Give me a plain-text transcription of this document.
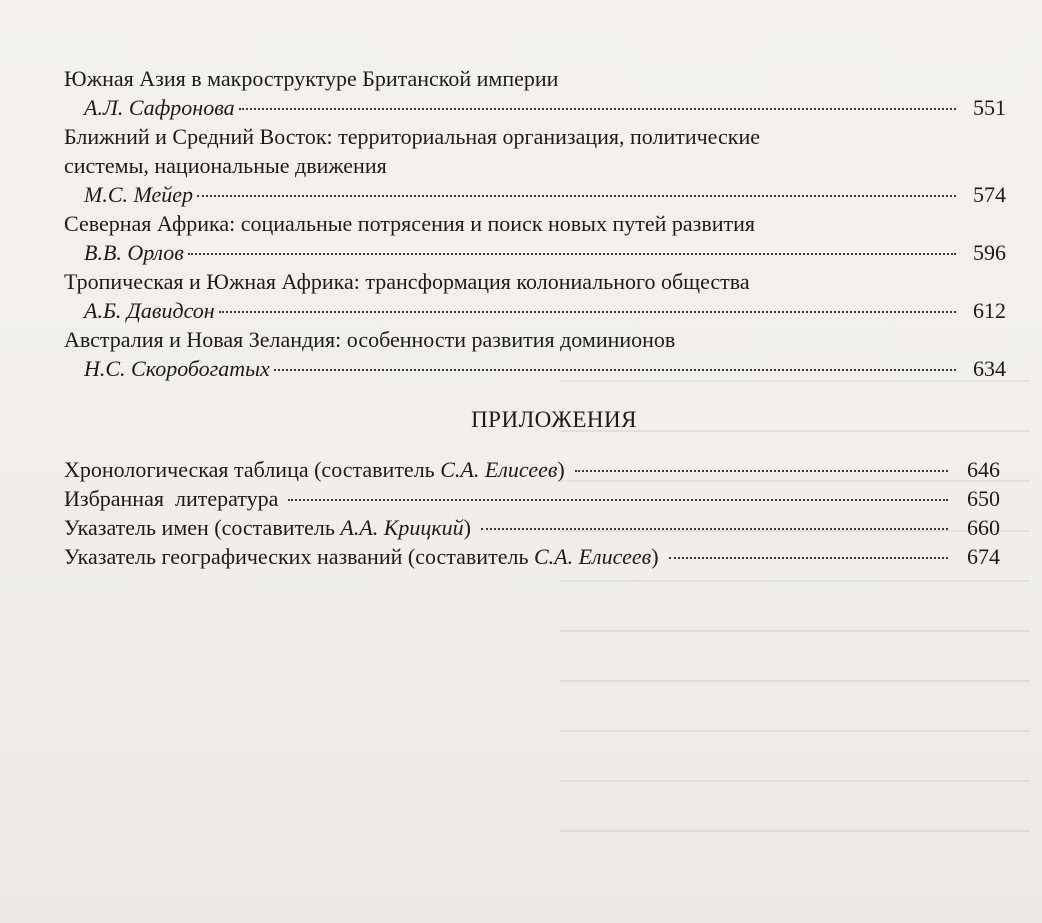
Южная Азия в макроструктуре Британской империи
А.Л. Сафронова	551
Ближний и Средний Восток: территориальная организация, политические
системы, национальные движения
М.С. Мейер	574
Северная Африка: социальные потрясения и поиск новых путей развития
В.В. Орлов	596
Тропическая и Южная Африка: трансформация колониального общества
А.Б. Давидсон	612
Австралия и Новая Зеландия: особенности развития доминионов
Н.С. Скоробогатых	634
ПРИЛОЖЕНИЯ
Хронологическая таблица (составитель С.А. Елисеев)	646
Избранная  литература	650
Указатель имен (составитель А.А. Крицкий)	660
Указатель географических названий (составитель С.А. Елисеев)	674
